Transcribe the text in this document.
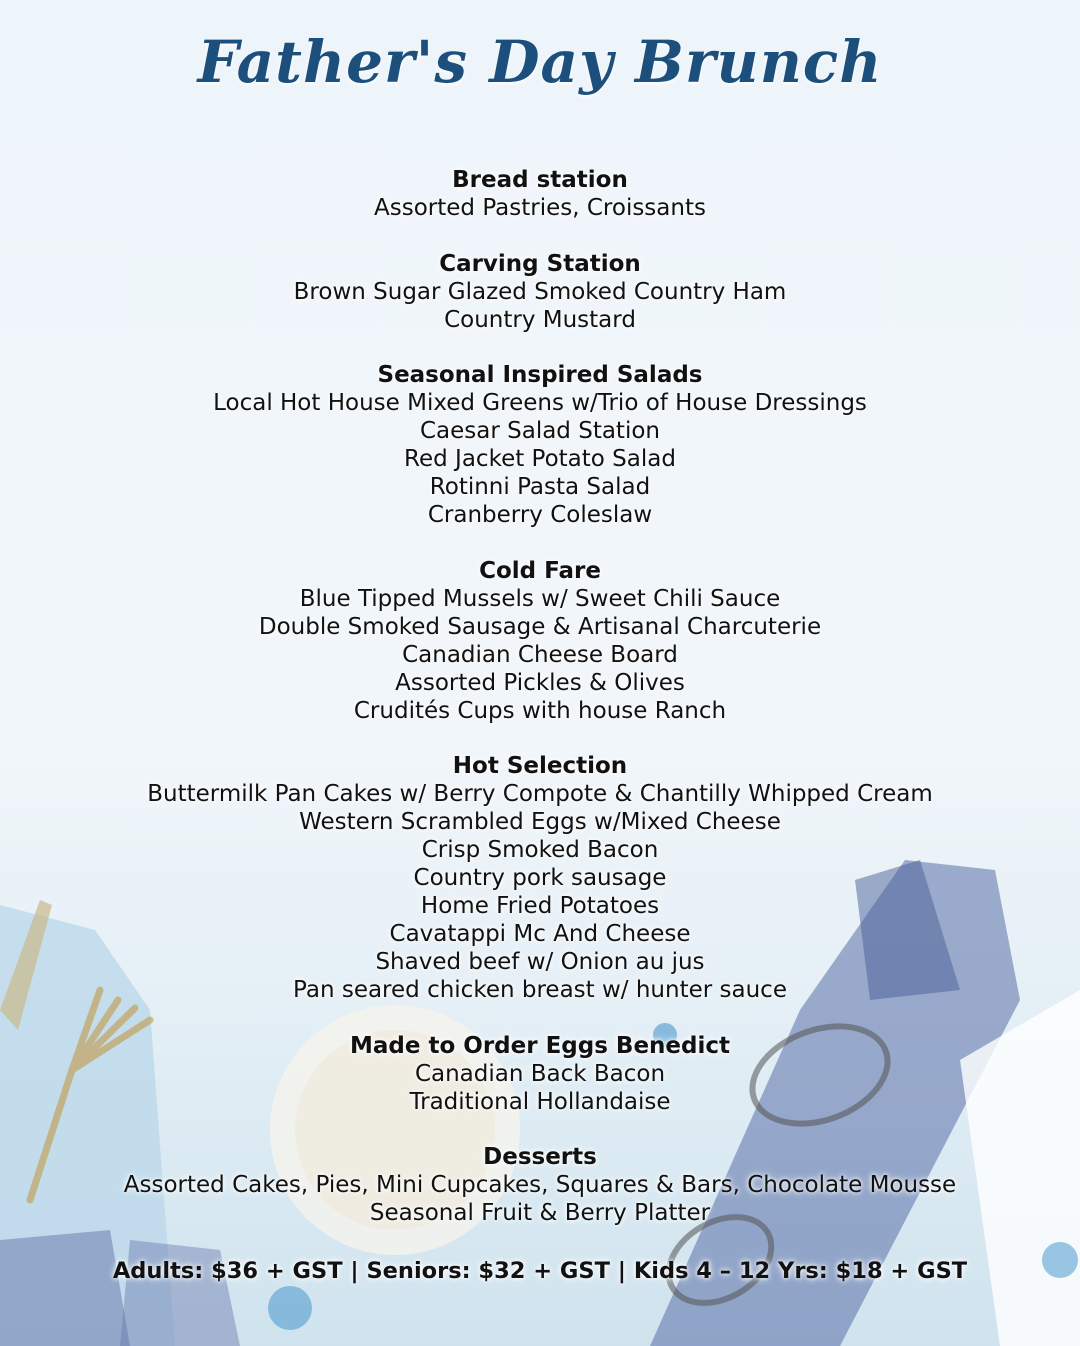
Father's Day Brunch
Bread station
Assorted Pastries, Croissants
Carving Station
Brown Sugar Glazed Smoked Country Ham
Country Mustard
Seasonal Inspired Salads
Local Hot House Mixed Greens w/Trio of House Dressings
Caesar Salad Station
Red Jacket Potato Salad
Rotinni Pasta Salad
Cranberry Coleslaw
Cold Fare
Blue Tipped Mussels w/ Sweet Chili Sauce
Double Smoked Sausage & Artisanal Charcuterie
Canadian Cheese Board
Assorted Pickles & Olives
Crudités Cups with house Ranch
Hot Selection
Buttermilk Pan Cakes w/ Berry Compote & Chantilly Whipped Cream
Western Scrambled Eggs w/Mixed Cheese
Crisp Smoked Bacon
Country pork sausage
Home Fried Potatoes
Cavatappi Mc And Cheese
Shaved beef w/ Onion au jus
Pan seared chicken breast w/ hunter sauce
Made to Order Eggs Benedict
Canadian Back Bacon
Traditional Hollandaise
Desserts
Assorted Cakes, Pies, Mini Cupcakes, Squares & Bars, Chocolate Mousse
Seasonal Fruit & Berry Platter
Adults: $36 + GST | Seniors: $32 + GST | Kids 4 – 12 Yrs: $18 + GST
